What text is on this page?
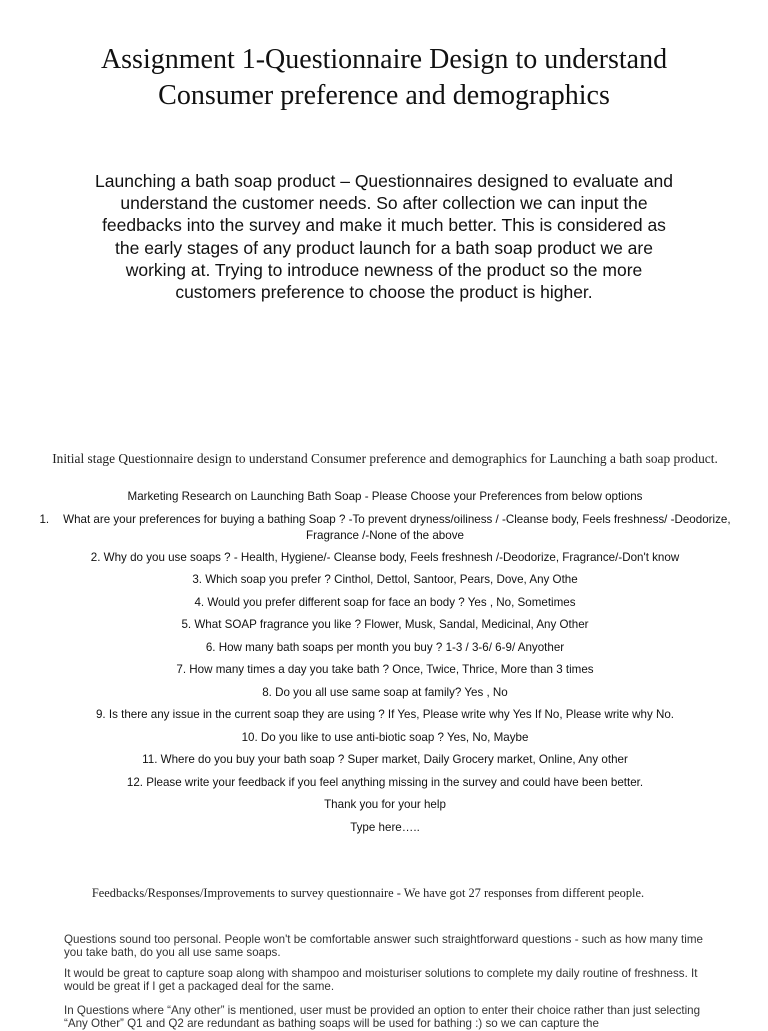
Assignment 1-Questionnaire Design to understand Consumer preference and demographics
Launching a bath soap product – Questionnaires designed to evaluate and understand the customer needs. So after collection we can input the feedbacks into the survey and make it much better. This is considered as the early stages of any product launch for a bath soap product we are working at. Trying to introduce newness of the product so the more customers preference to choose the product is higher.
Initial stage Questionnaire design to understand Consumer preference and demographics for Launching a bath soap product.
Marketing Research on Launching Bath Soap - Please Choose your Preferences from below options
1. What are your preferences for buying a bathing Soap ? -To prevent dryness/oiliness / -Cleanse body, Feels freshness/ -Deodorize, Fragrance /-None of the above
2. Why do you use soaps ? - Health, Hygiene/- Cleanse body, Feels freshnesh /-Deodorize, Fragrance/-Don't know
3. Which soap you prefer ? Cinthol, Dettol, Santoor, Pears, Dove, Any Othe
4. Would you prefer different soap for face an body ? Yes , No, Sometimes
5. What SOAP fragrance you like ? Flower, Musk, Sandal, Medicinal, Any Other
6. How many bath soaps per month you buy ? 1-3 / 3-6/ 6-9/ Anyother
7. How many times a day you take bath ? Once, Twice, Thrice, More than 3 times
8. Do you all use same soap at family? Yes , No
9. Is there any issue in the current soap they are using ? If Yes, Please write why Yes If No, Please write why No.
10. Do you like to use anti-biotic soap ? Yes, No, Maybe
11. Where do you buy your bath soap ? Super market, Daily Grocery market, Online, Any other
12. Please write your feedback if you feel anything missing in the survey and could have been better.
Thank you for your help
Type here…..
Feedbacks/Responses/Improvements to survey questionnaire - We have got 27 responses from different people.
Questions sound too personal. People won't be comfortable answer such straightforward questions - such as how many time you take bath, do you all use same soaps.
It would be great to capture soap along with shampoo and moisturiser solutions to complete my daily routine of freshness. It would be great if I get a packaged deal for the same.
In Questions where “Any other” is mentioned, user must be provided an option to enter their choice rather than just selecting “Any Other” Q1 and Q2 are redundant as bathing soaps will be used for bathing :) so we can capture the
